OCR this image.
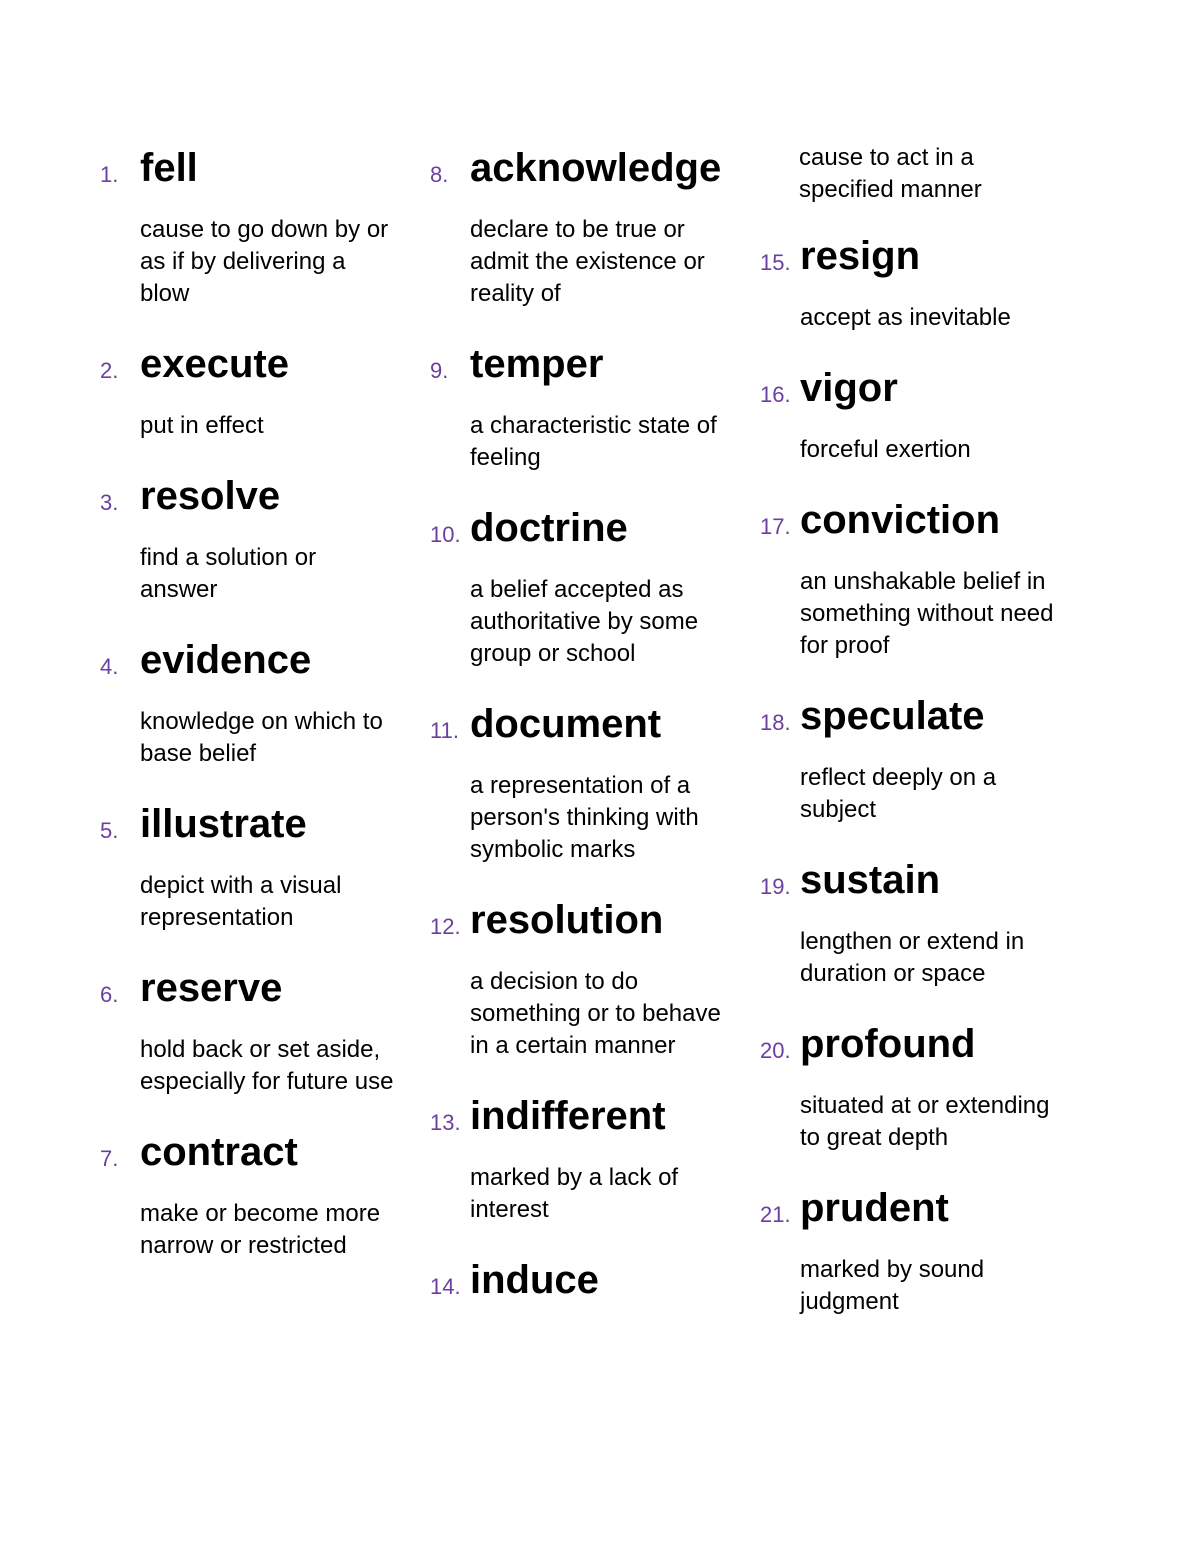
1. fell
cause to go down by or as if by delivering a blow
2. execute
put in effect
3. resolve
find a solution or answer
4. evidence
knowledge on which to base belief
5. illustrate
depict with a visual representation
6. reserve
hold back or set aside, especially for future use
7. contract
make or become more narrow or restricted
8. acknowledge
declare to be true or admit the existence or reality of
9. temper
a characteristic state of feeling
10. doctrine
a belief accepted as authoritative by some group or school
11. document
a representation of a person's thinking with symbolic marks
12. resolution
a decision to do something or to behave in a certain manner
13. indifferent
marked by a lack of interest
14. induce
cause to act in a specified manner
15. resign
accept as inevitable
16. vigor
forceful exertion
17. conviction
an unshakable belief in something without need for proof
18. speculate
reflect deeply on a subject
19. sustain
lengthen or extend in duration or space
20. profound
situated at or extending to great depth
21. prudent
marked by sound judgment
